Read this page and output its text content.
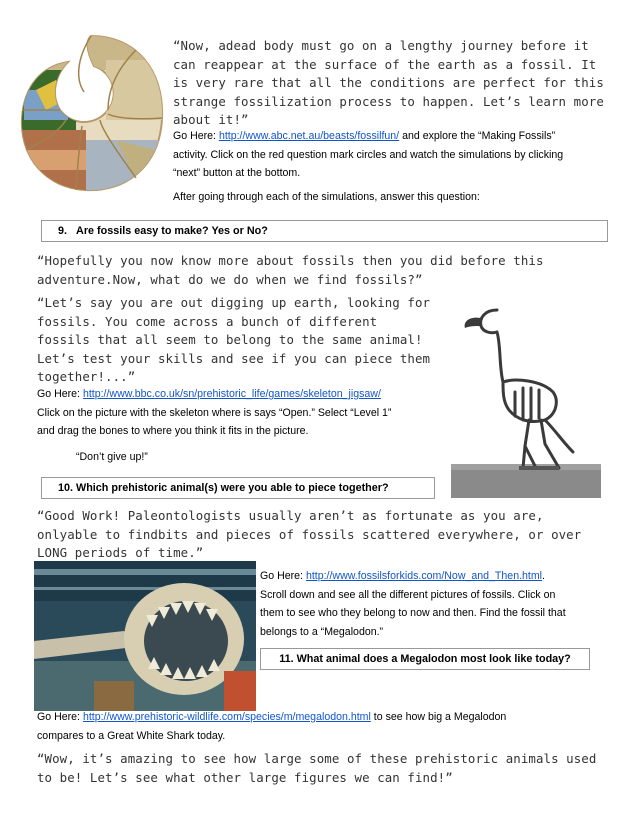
“Now, adead body must go on a lengthy journey before it
can reappear at the surface of the earth as a fossil. It
is very rare that all the conditions are perfect for this
strange fossilization process to happen. Let’s learn more
about it!”
Go Here: http://www.abc.net.au/beasts/fossilfun/ and explore the “Making Fossils”
activity. Click on the red question mark circles and watch the simulations by clicking
“next” button at the bottom.
After going through each of the simulations, answer this question:
9.
Are fossils easy to make? Yes or No?
“Hopefully you now know more about fossils then you did before this
adventure.Now, what do we do when we find fossils?”
“Let’s say you are out digging up earth, looking for
fossils. You come across a bunch of different
fossils that all seem to belong to the same animal!
Let’s test your skills and see if you can piece them
together!...”
Go Here: http://www.bbc.co.uk/sn/prehistoric_life/games/skeleton_jigsaw/
Click on the picture with the skeleton where is says “Open.” Select “Level 1”
and drag the bones to where you think it fits in the picture.
“Don’t give up!”
10. Which prehistoric animal(s) were you able to piece together?
“Good Work! Paleontologists usually aren’t as fortunate as you are,
onlyable to findbits and pieces of fossils scattered everywhere, or over
LONG periods of time.”
Go Here: http://www.fossilsforkids.com/Now_and_Then.html.
Scroll down and see all the different pictures of fossils. Click on
them to see who they belong to now and then. Find the fossil that
belongs to a “Megalodon.”
11. What animal does a Megalodon most look like today?
Go Here: http://www.prehistoric-wildlife.com/species/m/megalodon.html to see how big a Megalodon
compares to a Great White Shark today.
“Wow, it’s amazing to see how large some of these prehistoric animals used
to be! Let’s see what other large figures we can find!”
